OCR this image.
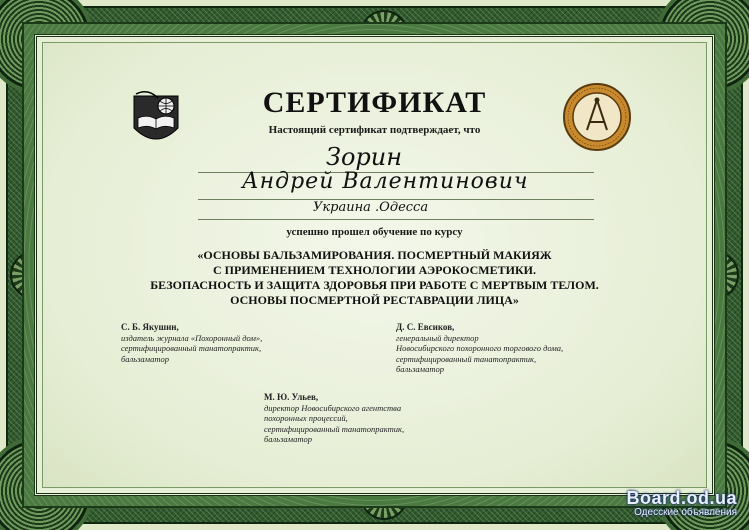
СЕРТИФИКАТ
Настоящий сертификат подтверждает, что
Зорин
Андрей Валентинович
Украина .Одесса
успешно прошел обучение по курсу
«ОСНОВЫ БАЛЬЗАМИРОВАНИЯ. ПОСМЕРТНЫЙ МАКИЯЖ
С ПРИМЕНЕНИЕМ ТЕХНОЛОГИИ АЭРОКОСМЕТИКИ.
БЕЗОПАСНОСТЬ И ЗАЩИТА ЗДОРОВЬЯ ПРИ РАБОТЕ С МЕРТВЫМ ТЕЛОМ.
ОСНОВЫ ПОСМЕРТНОЙ РЕСТАВРАЦИИ ЛИЦА»
С. Б. Якушин,
издатель журнала «Похоронный дом»,
сертифицированный танатопрактик,
бальзаматор
Д. С. Евсиков,
генеральный директор
Новосибирского похоронного торгового дома,
сертифицированный танатопрактик,
бальзаматор
М. Ю. Ульев,
директор Новосибирского агентства
похоронных процессий,
сертифицированный танатопрактик,
бальзаматор
Board.od.ua
Одесские объявления
